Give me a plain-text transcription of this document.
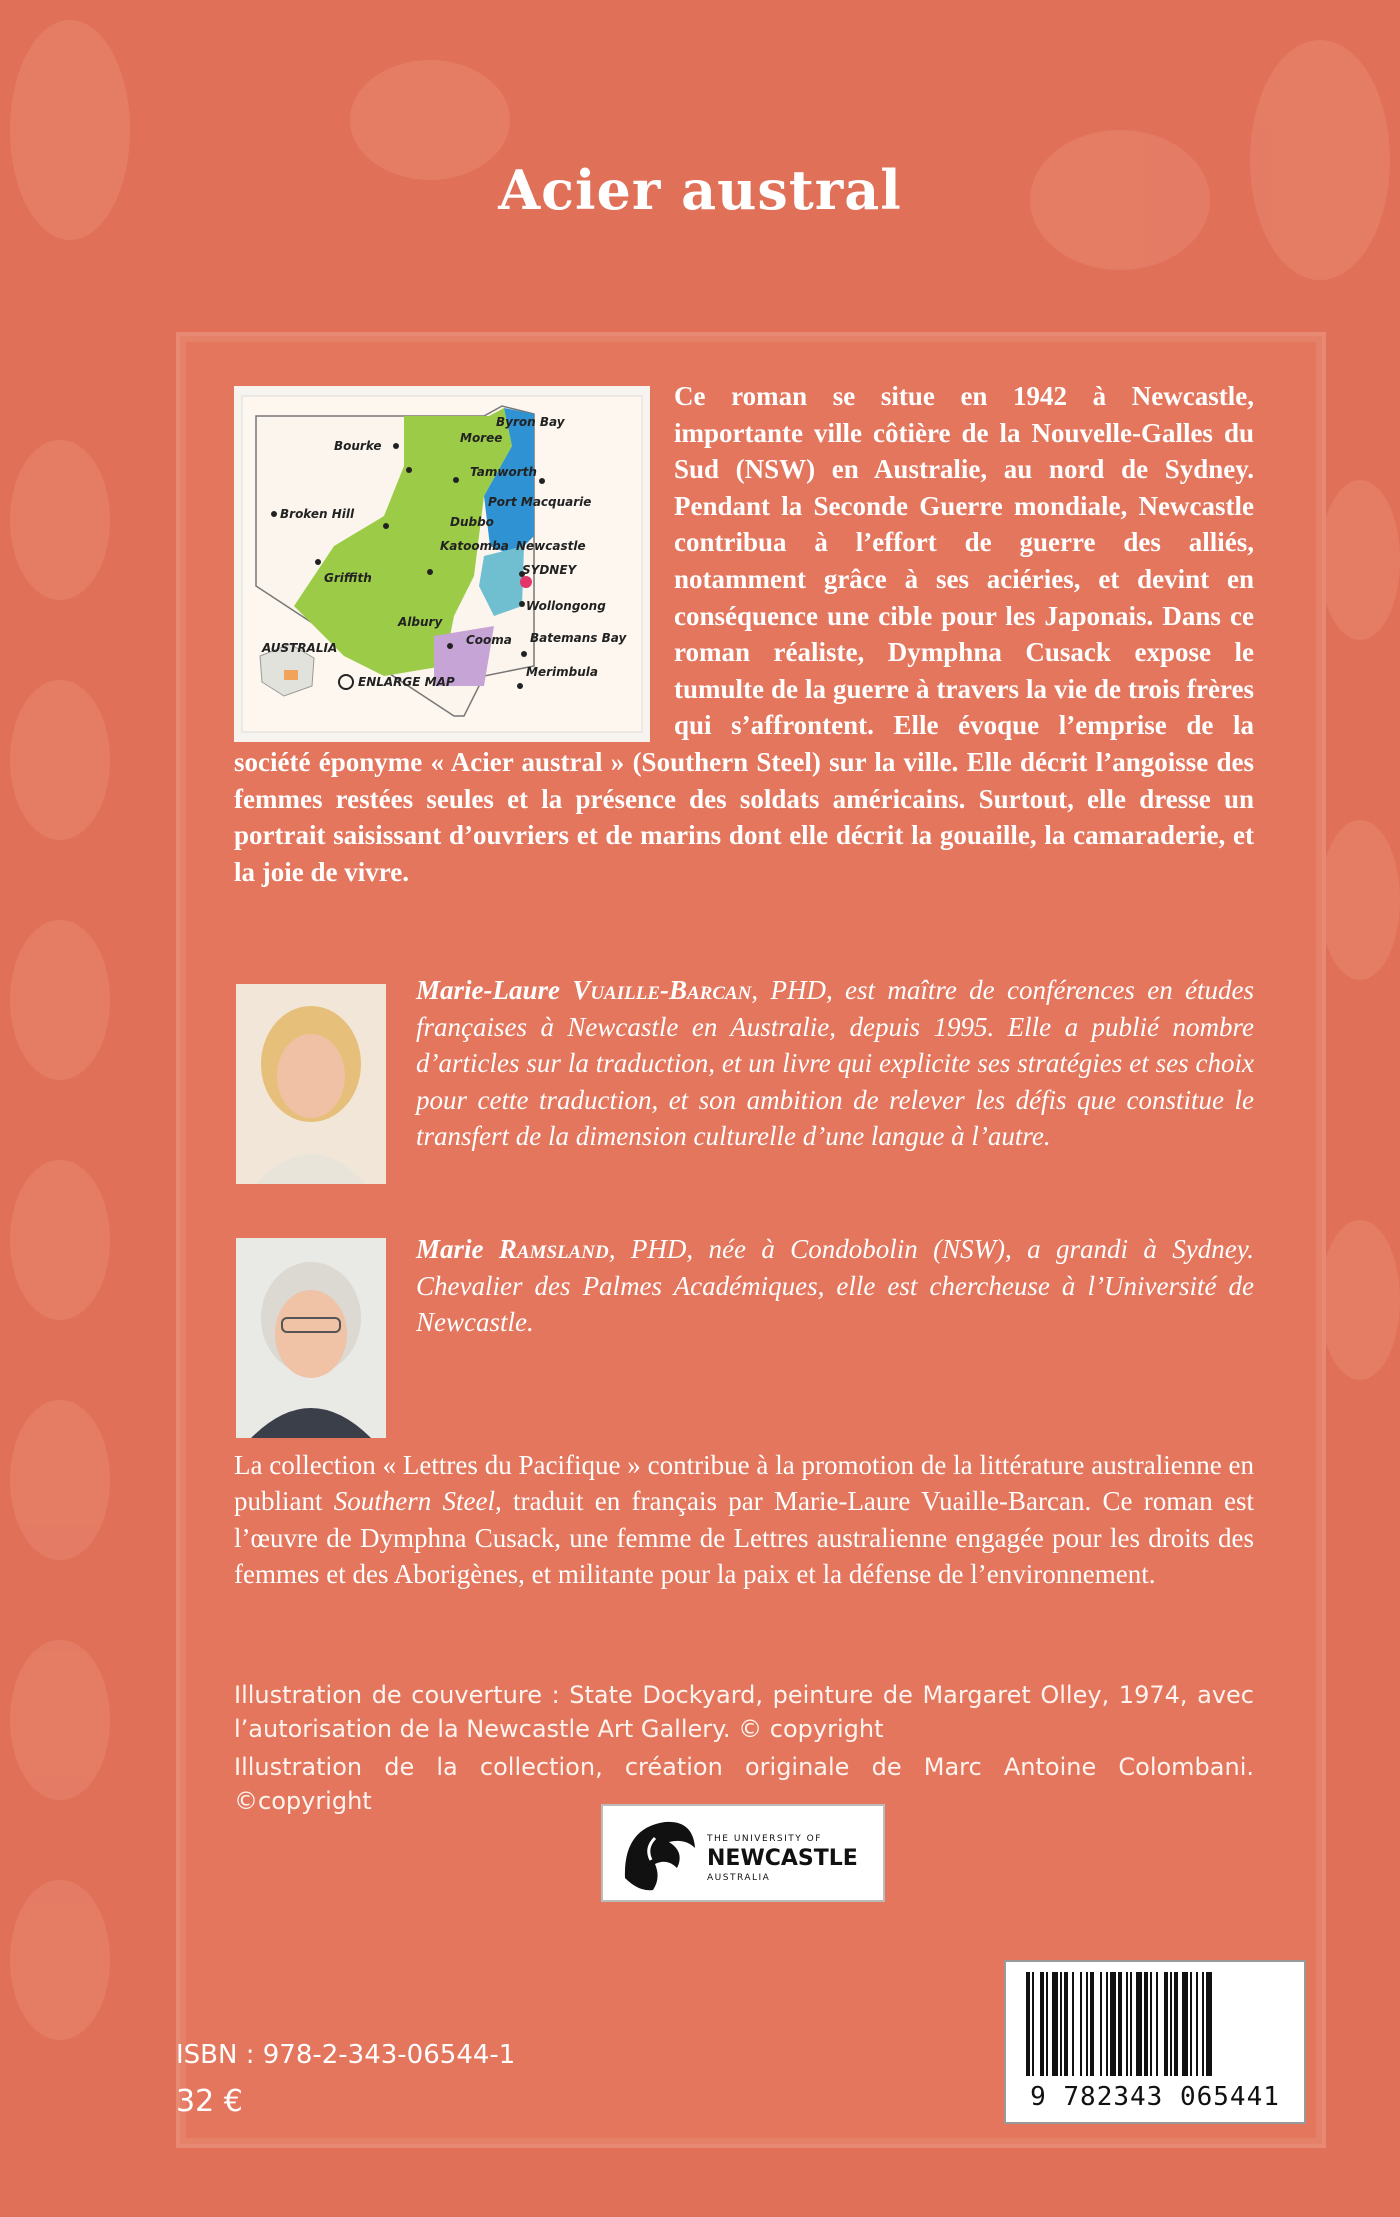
Acier austral
Bourke
Moree
Byron Bay
Tamworth
Port Macquarie
Broken Hill
Dubbo
Katoomba Newcastle
SYDNEY
Griffith
Wollongong
Albury
Cooma Batemans Bay
Merimbula
AUSTRALIA
ENLARGE MAP
Ce roman se situe en 1942 à Newcastle, importante ville côtière de la Nouvelle-Galles du Sud (NSW) en Australie, au nord de Sydney. Pendant la Seconde Guerre mondiale, Newcastle contribua à l’effort de guerre des alliés, notamment grâce à ses aciéries, et devint en conséquence une cible pour les Japonais. Dans ce roman réaliste, Dymphna Cusack expose le tumulte de la guerre à travers la vie de trois frères qui s’affrontent. Elle évoque l’emprise de la société éponyme « Acier austral » (Southern Steel) sur la ville. Elle décrit l’angoisse des femmes restées seules et la présence des soldats américains. Surtout, elle dresse un portrait saisissant d’ouvriers et de marins dont elle décrit la gouaille, la camaraderie, et la joie de vivre.
Marie-Laure Vuaille-Barcan, PHD, est maître de conférences en études françaises à Newcastle en Australie, depuis 1995. Elle a publié nombre d’articles sur la traduction, et un livre qui explicite ses stratégies et ses choix pour cette traduction, et son ambition de relever les défis que constitue le transfert de la dimension culturelle d’une langue à l’autre.
Marie Ramsland, PHD, née à Condobolin (NSW), a grandi à Sydney. Chevalier des Palmes Académiques, elle est chercheuse à l’Université de Newcastle.
La collection « Lettres du Pacifique » contribue à la promotion de la littérature australienne en publiant Southern Steel, traduit en français par Marie-Laure Vuaille-Barcan. Ce roman est l’œuvre de Dymphna Cusack, une femme de Lettres australienne engagée pour les droits des femmes et des Aborigènes, et militante pour la paix et la défense de l’environnement.
Illustration de couverture : State Dockyard, peinture de Margaret Olley, 1974, avec l’autorisation de la Newcastle Art Gallery. © copyright
Illustration de la collection, création originale de Marc Antoine Colombani. ©copyright
THE UNIVERSITY OF
NEWCASTLE
AUSTRALIA
ISBN : 978-2-343-06544-1
32 €	9 782343 065441
